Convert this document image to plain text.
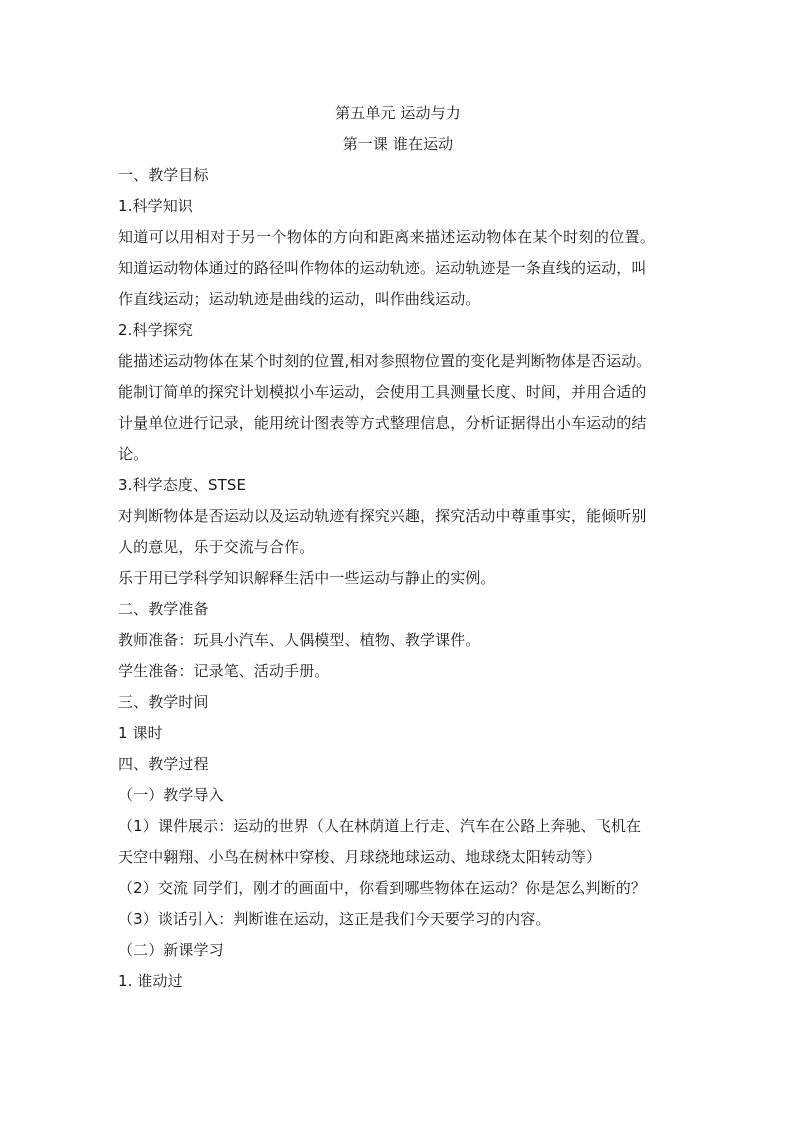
第五单元 运动与力
第一课 谁在运动
一、教学目标
1.科学知识
知道可以用相对于另一个物体的方向和距离来描述运动物体在某个时刻的位置。
知道运动物体通过的路径叫作物体的运动轨迹。运动轨迹是一条直线的运动，叫
作直线运动；运动轨迹是曲线的运动，叫作曲线运动。
2.科学探究
能描述运动物体在某个时刻的位置,相对参照物位置的变化是判断物体是否运动。
能制订简单的探究计划模拟小车运动，会使用工具测量长度、时间，并用合适的
计量单位进行记录，能用统计图表等方式整理信息，分析证据得出小车运动的结
论。
3.科学态度、STSE
对判断物体是否运动以及运动轨迹有探究兴趣，探究活动中尊重事实，能倾听别
人的意见，乐于交流与合作。
乐于用已学科学知识解释生活中一些运动与静止的实例。
二、教学准备
教师准备：玩具小汽车、人偶模型、植物、教学课件。
学生准备：记录笔、活动手册。
三、教学时间
1 课时
四、教学过程
（一）教学导入
（1）课件展示：运动的世界（人在林荫道上行走、汽车在公路上奔驰、飞机在
天空中翱翔、小鸟在树林中穿梭、月球绕地球运动、地球绕太阳转动等）
（2）交流 同学们，刚才的画面中，你看到哪些物体在运动？你是怎么判断的？
（3）谈话引入：判断谁在运动，这正是我们今天要学习的内容。
（二）新课学习
1. 谁动过
